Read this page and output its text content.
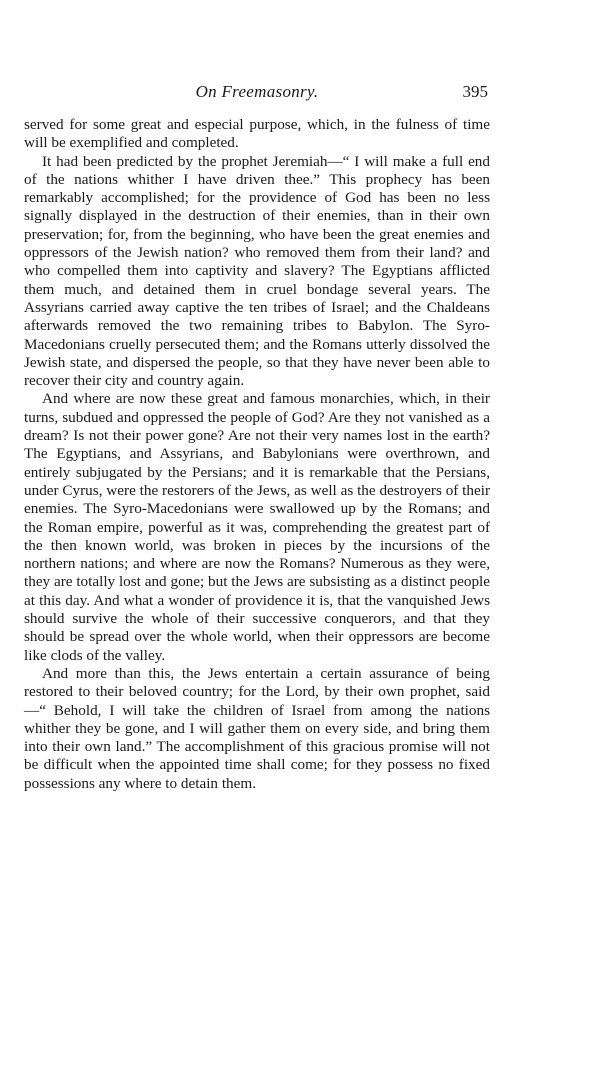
On Freemasonry.	395

served for some great and especial purpose, which, in the fulness of time will be exemplified and completed.

It had been predicted by the prophet Jeremiah—“ I will make a full end of the nations whither I have driven thee.” This prophecy has been remarkably accomplished; for the providence of God has been no less signally displayed in the destruction of their enemies, than in their own preservation; for, from the beginning, who have been the great enemies and oppressors of the Jewish nation? who removed them from their land? and who compelled them into captivity and slavery? The Egyptians afflicted them much, and detained them in cruel bondage several years. The Assyrians carried away captive the ten tribes of Israel; and the Chaldeans afterwards removed the two remaining tribes to Babylon. The Syro-Macedonians cruelly persecuted them; and the Romans utterly dissolved the Jewish state, and dispersed the people, so that they have never been able to recover their city and country again.

And where are now these great and famous monarchies, which, in their turns, subdued and oppressed the people of God? Are they not vanished as a dream? Is not their power gone? Are not their very names lost in the earth? The Egyptians, and Assyrians, and Babylonians were overthrown, and entirely subjugated by the Persians; and it is remarkable that the Persians, under Cyrus, were the restorers of the Jews, as well as the destroyers of their enemies. The Syro-Macedonians were swallowed up by the Romans; and the Roman empire, powerful as it was, comprehending the greatest part of the then known world, was broken in pieces by the incursions of the northern nations; and where are now the Romans? Numerous as they were, they are totally lost and gone; but the Jews are subsisting as a distinct people at this day. And what a wonder of providence it is, that the vanquished Jews should survive the whole of their successive conquerors, and that they should be spread over the whole world, when their oppressors are become like clods of the valley.

And more than this, the Jews entertain a certain assurance of being restored to their beloved country; for the Lord, by their own prophet, said—“ Behold, I will take the children of Israel from among the nations whither they be gone, and I will gather them on every side, and bring them into their own land.” The accomplishment of this gracious promise will not be difficult when the appointed time shall come; for they possess no fixed possessions any where to detain them.
